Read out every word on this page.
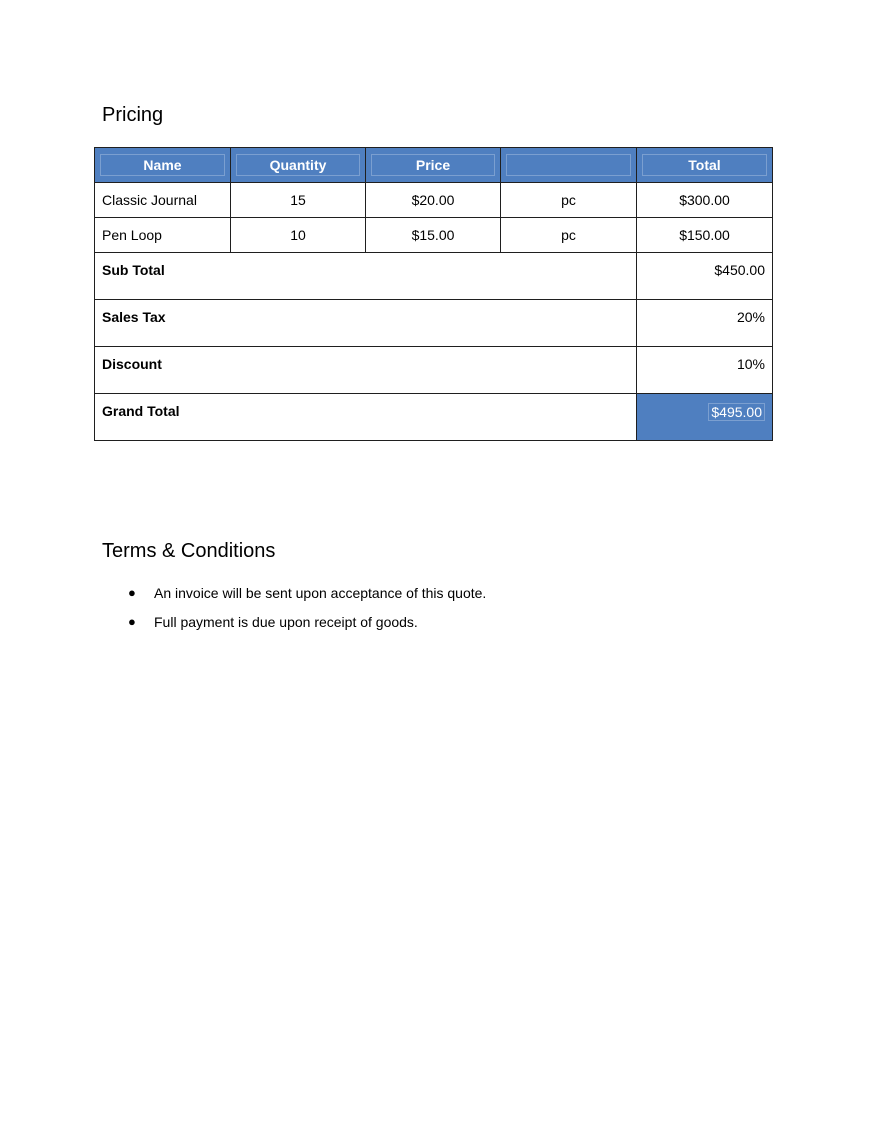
Pricing
Name	Quantity	Price		Total

Classic Journal	15	$20.00	pc	$300.00
Pen Loop	10	$15.00	pc	$150.00
Sub Total				$450.00
Sales Tax				20%
Discount				10%
Grand Total				$495.00
Terms & Conditions
● An invoice will be sent upon acceptance of this quote.
● Full payment is due upon receipt of goods.
